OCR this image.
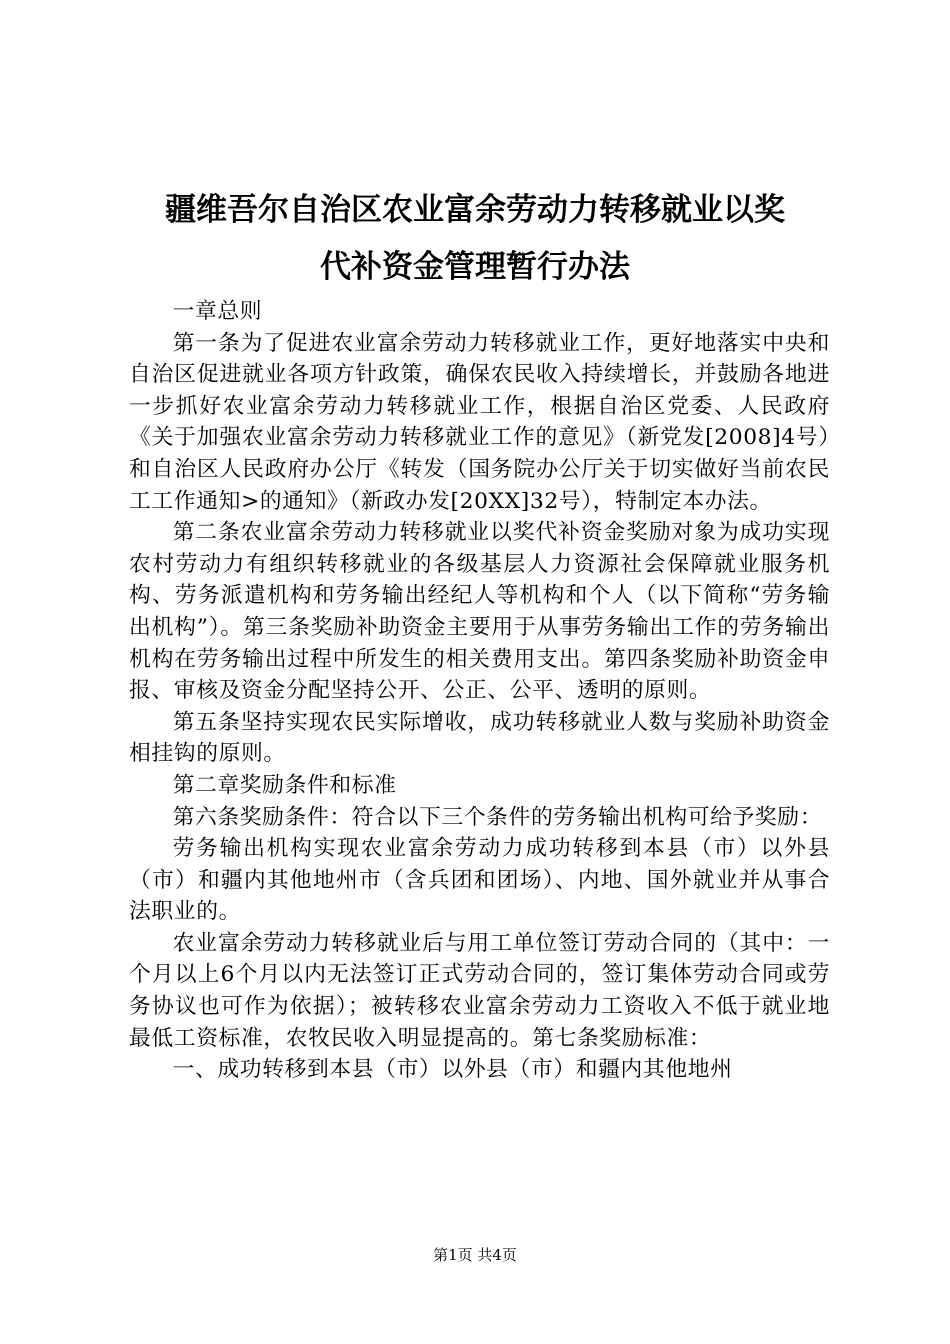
疆维吾尔自治区农业富余劳动力转移就业以奖
代补资金管理暂行办法

一章总则

第一条为了促进农业富余劳动力转移就业工作，更好地落实中央和自治区促进就业各项方针政策，确保农民收入持续增长，并鼓励各地进一步抓好农业富余劳动力转移就业工作，根据自治区党委、人民政府《关于加强农业富余劳动力转移就业工作的意见》（新党发[2008]4号）和自治区人民政府办公厅《转发（国务院办公厅关于切实做好当前农民工工作通知>的通知》（新政办发[20XX]32号），特制定本办法。

第二条农业富余劳动力转移就业以奖代补资金奖励对象为成功实现农村劳动力有组织转移就业的各级基层人力资源社会保障就业服务机构、劳务派遣机构和劳务输出经纪人等机构和个人（以下简称“劳务输出机构”）。第三条奖励补助资金主要用于从事劳务输出工作的劳务输出机构在劳务输出过程中所发生的相关费用支出。第四条奖励补助资金申报、审核及资金分配坚持公开、公正、公平、透明的原则。

第五条坚持实现农民实际增收，成功转移就业人数与奖励补助资金相挂钩的原则。

第二章奖励条件和标准

第六条奖励条件：符合以下三个条件的劳务输出机构可给予奖励：

劳务输出机构实现农业富余劳动力成功转移到本县（市）以外县（市）和疆内其他地州市（含兵团和团场）、内地、国外就业并从事合法职业的。

农业富余劳动力转移就业后与用工单位签订劳动合同的（其中：一个月以上6个月以内无法签订正式劳动合同的，签订集体劳动合同或劳务协议也可作为依据）；被转移农业富余劳动力工资收入不低于就业地最低工资标准，农牧民收入明显提高的。第七条奖励标准：

一、成功转移到本县（市）以外县（市）和疆内其他地州

第1页 共4页
